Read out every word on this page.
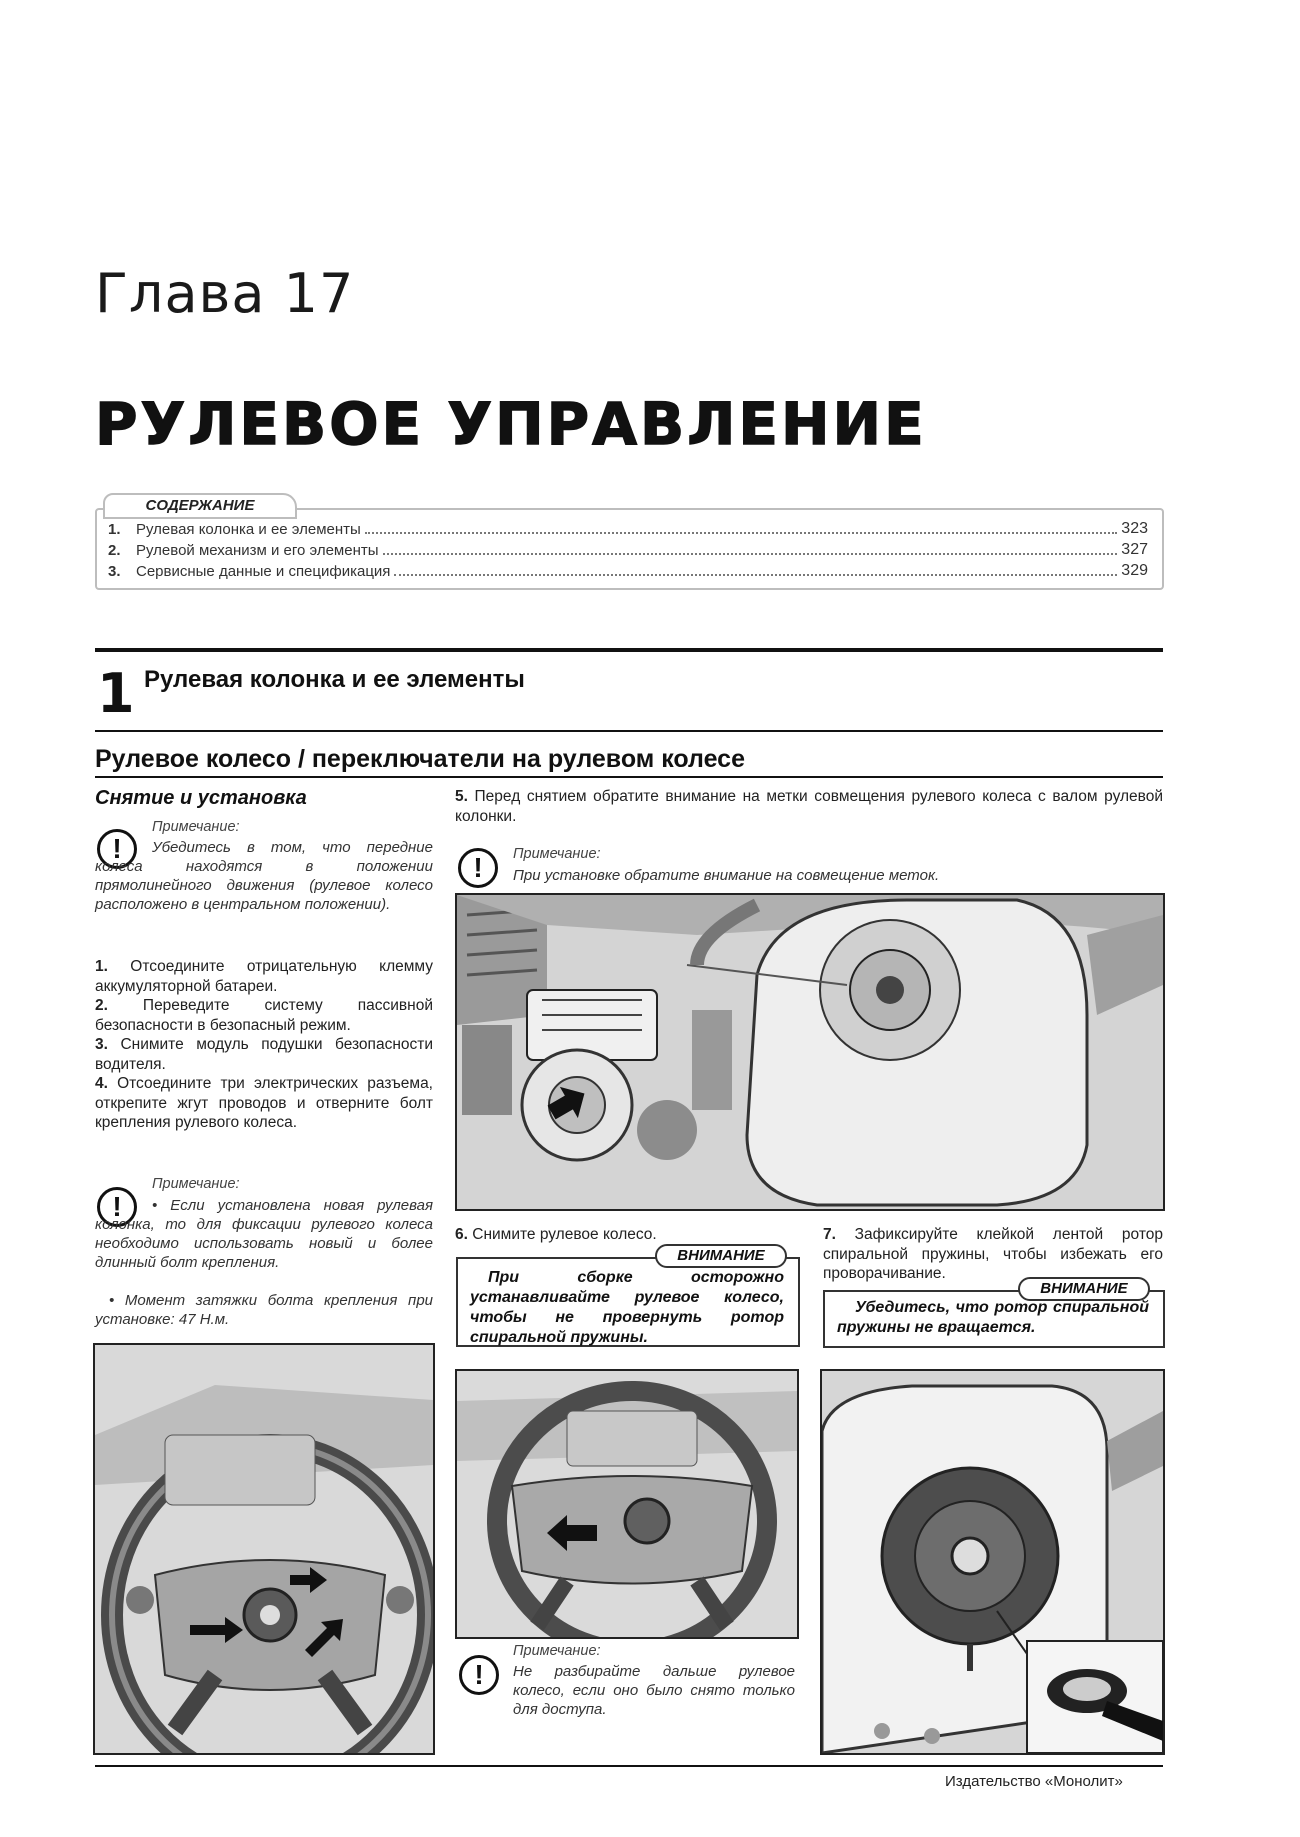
Глава 17
РУЛЕВОЕ УПРАВЛЕНИЕ
СОДЕРЖАНИЕ
1.	Рулевая колонка и ее элементы	323
2.	Рулевой механизм и его элементы	327
3.	Сервисные данные и спецификация	329
1 Рулевая колонка и ее элементы
Рулевое колесо / переключатели на рулевом колесе
Снятие и установка
!
Примечание:
Убедитесь в том, что передние колеса находятся в положении прямолинейного движения (рулевое колесо расположено в центральном положении).
1. Отсоедините отрицательную клемму аккумуляторной батареи.
2. Переведите систему пассивной безопасности в безопасный режим.
3. Снимите модуль подушки безопасности водителя.
4. Отсоедините три электрических разъема, открепите жгут проводов и отверните болт крепления рулевого колеса.
!
Примечание:
• Если установлена новая рулевая колонка, то для фиксации рулевого колеса необходимо использовать новый и более длинный болт крепления.
• Момент затяжки болта крепления при установке: 47 Н.м.
5. Перед снятием обратите внимание на метки совмещения рулевого колеса с валом рулевой колонки.
!	Примечание:
При установке обратите внимание на совмещение меток.
6. Снимите рулевое колесо.
ВНИМАНИЕ
При сборке осторожно устанавливайте рулевое колесо, чтобы не провернуть ротор спиральной пружины.
7. Зафиксируйте клейкой лентой ротор спиральной пружины, чтобы избежать его проворачивание.
ВНИМАНИЕ
Убедитесь, что ротор спиральной пружины не вращается.
!
Примечание:
Не разбирайте дальше рулевое колесо, если оно было снято только для доступа.
Издательство «Монолит»
